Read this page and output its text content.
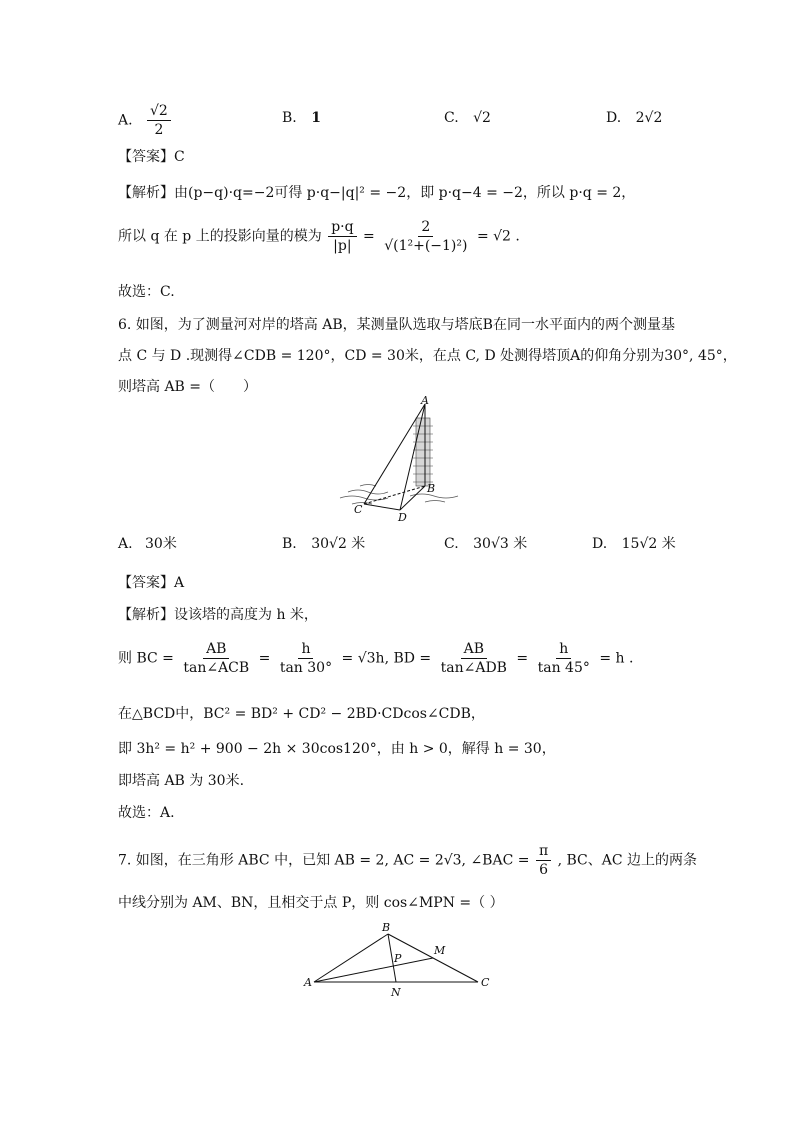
A. $\frac{√2}{2}$	B. 1	C. √2	D. 2√2
【答案】C
【解析】由(p−q)·q=−2可得 p·q−|q|² = −2，即 p·q−4 = −2，所以 p·q = 2，
所以 q 在 p 上的投影向量的模为 $\frac{p\cdot q}{|p|} = \frac{2}{\text{√(1²+(−1)²)}} = √2$ .
故选：C.
6. 如图，为了测量河对岸的塔高 AB，某测量队选取与塔底B在同一水平面内的两个测量基
点 C 与 D .现测得∠CDB = 120°，CD = 30米，在点 C, D 处测得塔顶A的仰角分别为30°, 45°，
则塔高 AB =（　　）
A
B
C
D
A. 30米	B. 30√2 米	C. 30√3 米	D. 15√2 米
【答案】A
【解析】设该塔的高度为 h 米，
则 BC = $\frac{AB}{\text{tan∠ACB}} = \frac{h}{\tan 30^\circ} = √3h$, BD = $\frac{AB}{\text{tan∠ADB}} = \frac{h}{\tan 45^\circ} = h$ .
在△BCD中，BC² = BD² + CD² − 2BD·CDcos∠CDB，
即 3h² = h² + 900 − 2h × 30cos120°，由 h > 0，解得 h = 30，
即塔高 AB 为 30米.
故选：A.
7. 如图，在三角形 ABC 中，已知 AB = 2, AC = 2√3, ∠BAC = $\frac{\pi}{6}$ , BC、AC 边上的两条
中线分别为 AM、BN，且相交于点 P，则 cos∠MPN =（ ）
A
B
C
M
N
P
